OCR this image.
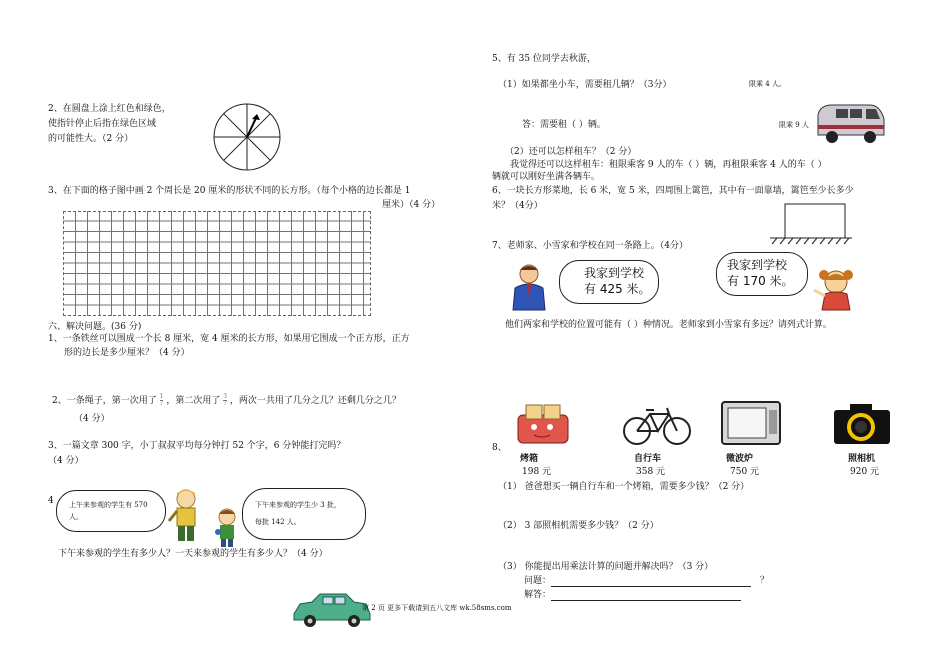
2、在圆盘上涂上红色和绿色，
使指针停止后指在绿色区域
的可能性大。（2 分）
3、在下面的格子图中画 2 个周长是 20 厘米的形状不同的长方形。（每个小格的边长都是 1
厘米）（4 分）
六、解决问题。(36 分)
1、一条铁丝可以围成一个长 8 厘米，宽 4 厘米的长方形，如果用它围成一个正方形，正方
形的边长是多少厘米？（4 分）
2、一条绳子，第一次用了 $\frac{1}{7}$ ，第二次用了 $\frac{3}{7}$ ，两次一共用了几分之几？还剩几分之几？
（4 分）
3、一篇文章 300 字，小丁叔叔平均每分钟打 52 个字，6 分钟能打完吗？
（4 分）
4 上午来参观的学生有 570
人。
下午来参观的学生少 3 批，
每批 142 人。
下午来参观的学生有多少人？一天来参观的学生有多少人？（4 分）
第 2 页 更多下载请到五八文库 wk.58sms.com
5、有 35 位同学去秋游，
（1）如果都坐小车，需要租几辆？（3分）	限乘 4 人。
答：需要租（ ）辆。	限乘 9 人
（2）还可以怎样租车？（2 分）
我觉得还可以这样租车：租限乘客 9 人的车（ ）辆，再租限乘客 4 人的车（ ）
辆就可以刚好坐满各辆车。
6、一块长方形菜地，长 6 米，宽 5 米，四周围上篱笆，其中有一面靠墙，篱笆至少长多少
米？（4分）
7、老师家、小雪家和学校在同一条路上。（4分）
我家到学校
有 425 米。
我家到学校
有 170 米。
他们两家和学校的位置可能有（ ）种情况。老师家到小雪家有多远？请列式计算。
8、
烤箱
198 元
自行车
358 元
微波炉
750 元
照相机
920 元
（1） 爸爸想买一辆自行车和一个烤箱，需要多少钱？（2 分）
（2） 3 部照相机需要多少钱？（2 分）
（3） 你能提出用乘法计算的问题并解决吗？（3 分）
问题：	？
解答：
